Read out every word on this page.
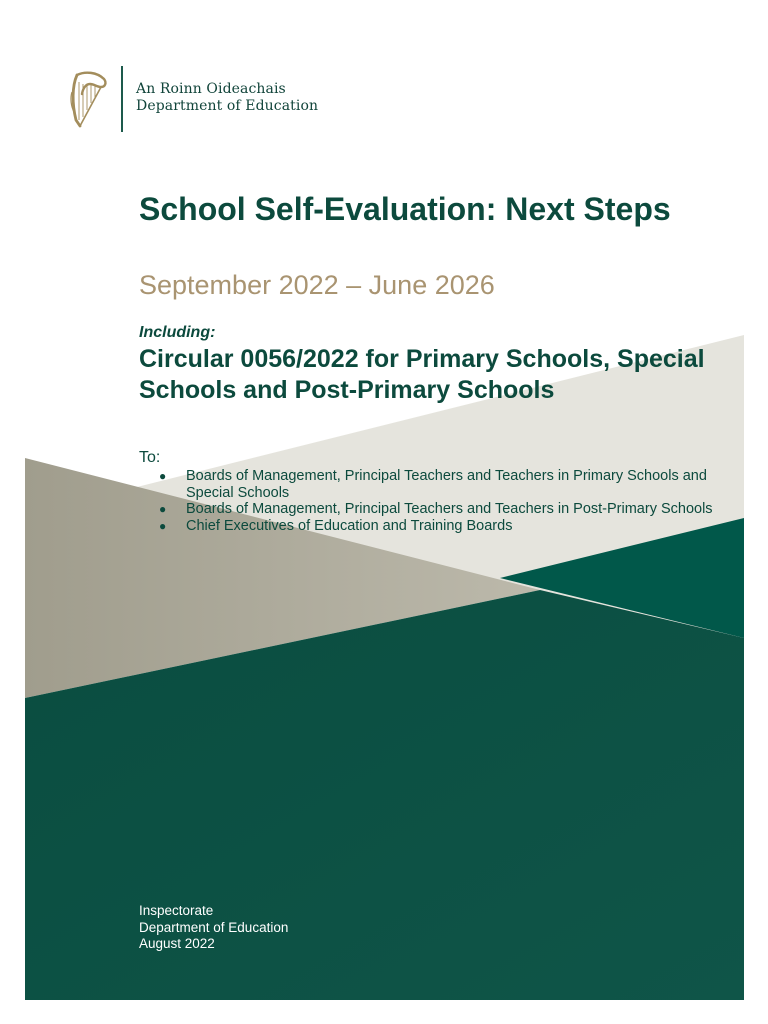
An Roinn Oideachais
Department of Education
School Self-Evaluation: Next Steps
September 2022 – June 2026
Including:
Circular 0056/2022 for Primary Schools, Special Schools and Post-Primary Schools
To:
● Boards of Management, Principal Teachers and Teachers in Primary Schools and Special Schools
● Boards of Management, Principal Teachers and Teachers in Post-Primary Schools
● Chief Executives of Education and Training Boards
Inspectorate
Department of Education
August 2022
